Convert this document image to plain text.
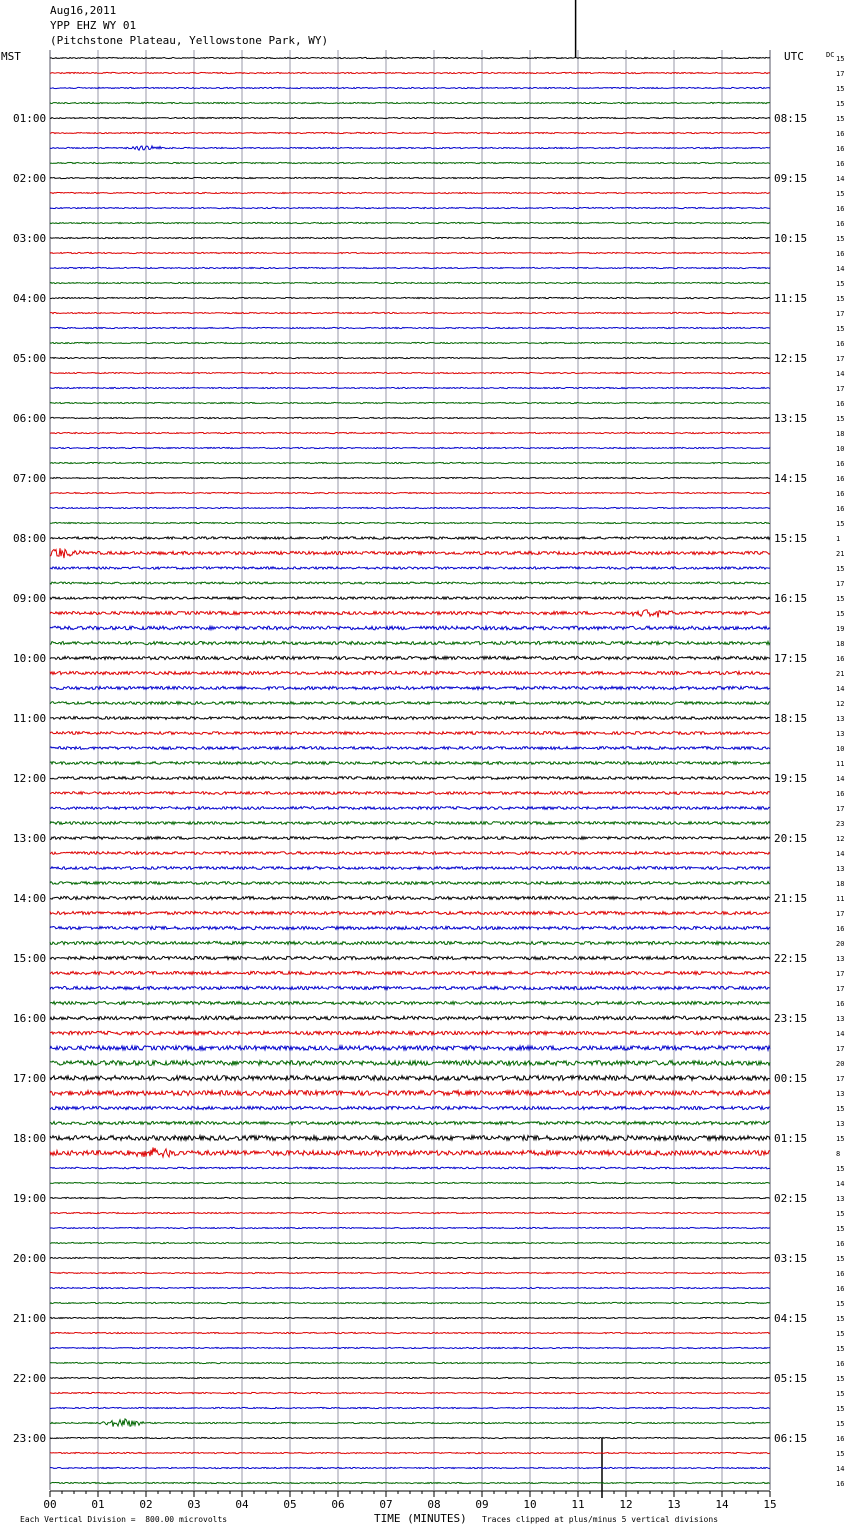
01:00
02:00
03:00
04:00
05:00
06:00
07:00
08:00
09:00
10:00
11:00
12:00
13:00
14:00
15:00
16:00
17:00
18:00
19:00
20:00
21:00
22:00
23:00
08:15
09:15
10:15
11:15
12:15
13:15
14:15
15:15
16:15
17:15
18:15
19:15
20:15
21:15
22:15
23:15
00:15
01:15
02:15
03:15
04:15
05:15
06:15
15
17
15
15
15
16
16
16
14
15
16
16
15
16
14
15
15
17
15
16
17
14
17
16
15
18
10
16
16
16
16
15
1
21
15
17
15
15
19
18
16
21
14
12
13
13
10
11
14
16
17
23
12
14
13
18
11
17
16
20
13
17
17
16
13
14
17
20
17
13
15
13
15
8
15
14
13
15
15
16
15
16
16
15
15
15
15
16
15
15
15
15
16
15
14
16
00	01	02	03	04	05	06	07	08	09	10	11	12	13	14	15
Aug16,2011
YPP EHZ WY 01
(Pitchstone Plateau, Yellowstone Park, WY)
MST	UTC	DC
Each Vertical Division =  800.00 microvolts	TIME (MINUTES) Traces clipped at plus/minus 5 vertical divisions
